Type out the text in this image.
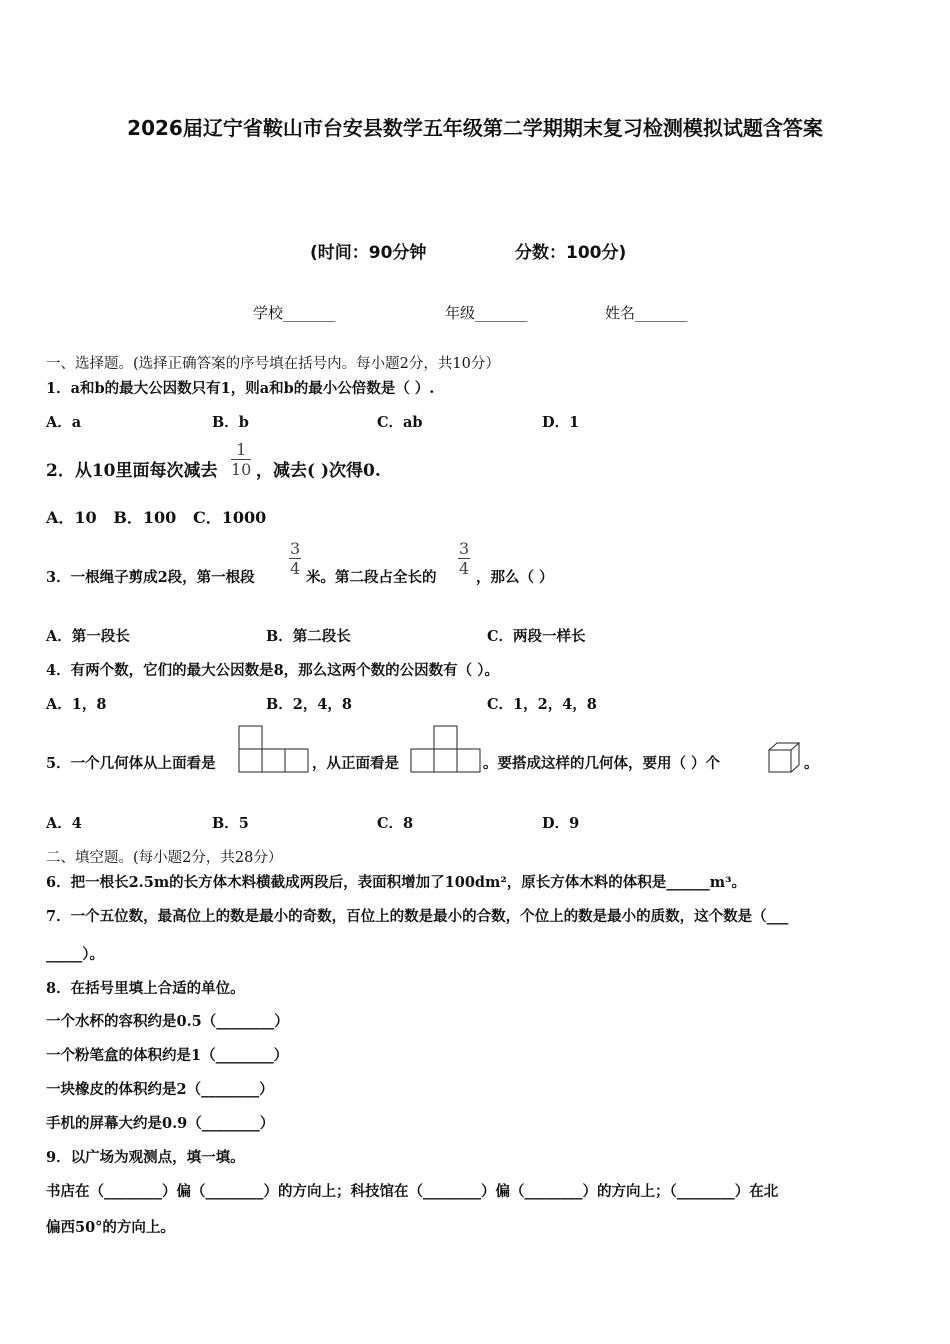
2026届辽宁省鞍山市台安县数学五年级第二学期期末复习检测模拟试题含答案
(时间：90分钟	分数：100分)
学校_______	年级_______	姓名_______
一、选择题。(选择正确答案的序号填在括号内。每小题2分，共10分）
1．a和b的最大公因数只有1，则a和b的最小公倍数是（ ）.
A．a	B．b	C．ab	D．1
2．从10里面每次减去 $\frac{1}{10}$ ，减去( )次得0.
A．10   B．100   C．1000
3．一根绳子剪成2段，第一根段 $\frac{3}{4}$ 米。第二段占全长的 $\frac{3}{4}$ ，那么（ ）
A．第一段长	B．第二段长	C．两段一样长
4．有两个数，它们的最大公因数是8，那么这两个数的公因数有（ ）。
A．1，8	B．2，4，8	C．1，2，4，8
5．一个几何体从上面看是	，从正面看是	。要搭成这样的几何体，要用（ ）个	。
A．4	B．5	C．8	D．9
二、填空题。(每小题2分，共28分）
6．把一根长2.5m的长方体木料横截成两段后，表面积增加了100dm²，原长方体木料的体积是______m³。
7．一个五位数，最高位上的数是最小的奇数，百位上的数是最小的合数，个位上的数是最小的质数，这个数是（___
_____）。
8．在括号里填上合适的单位。
一个水杯的容积约是0.5（________）
一个粉笔盒的体积约是1（________）
一块橡皮的体积约是2（________）
手机的屏幕大约是0.9（________）
9．以广场为观测点，填一填。
书店在（________）偏（________）的方向上；科技馆在（________）偏（________）的方向上；（________）在北
偏西50°的方向上。
